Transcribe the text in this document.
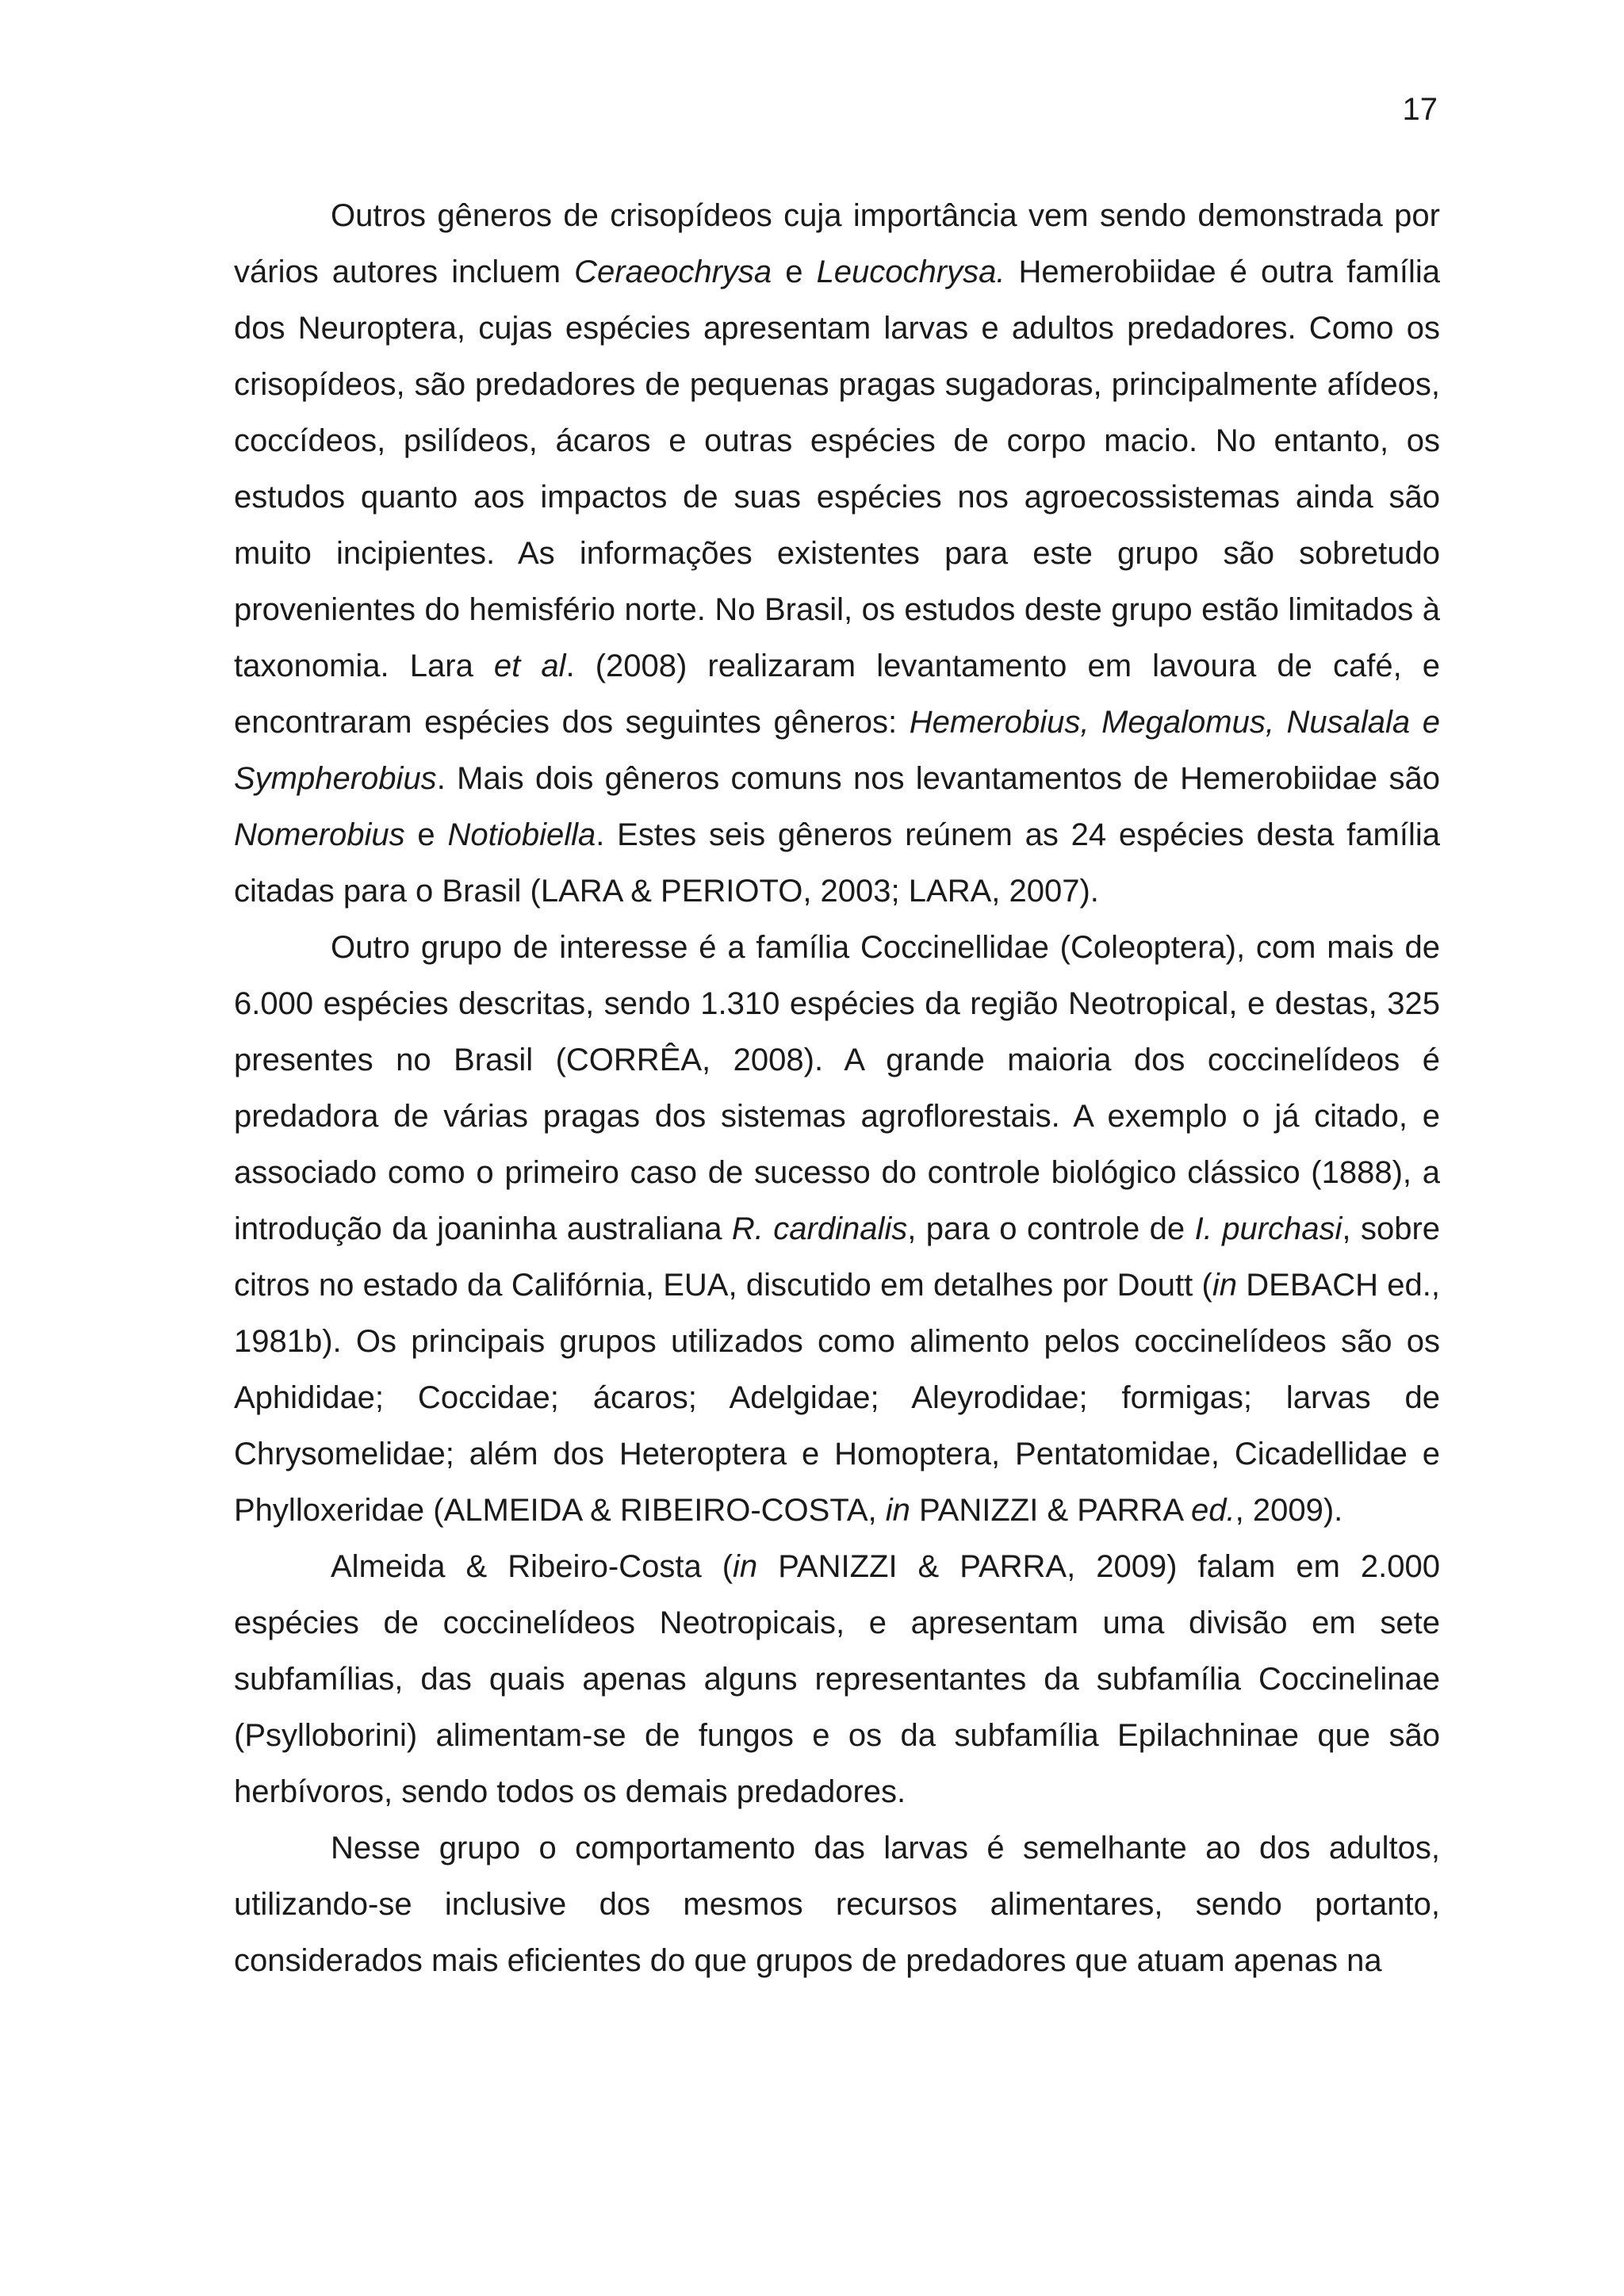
17

Outros gêneros de crisopídeos cuja importância vem sendo demonstrada por vários autores incluem Ceraeochrysa e Leucochrysa. Hemerobiidae é outra família dos Neuroptera, cujas espécies apresentam larvas e adultos predadores. Como os crisopídeos, são predadores de pequenas pragas sugadoras, principalmente afídeos, coccídeos, psilídeos, ácaros e outras espécies de corpo macio. No entanto, os estudos quanto aos impactos de suas espécies nos agroecossistemas ainda são muito incipientes. As informações existentes para este grupo são sobretudo provenientes do hemisfério norte. No Brasil, os estudos deste grupo estão limitados à taxonomia. Lara et al. (2008) realizaram levantamento em lavoura de café, e encontraram espécies dos seguintes gêneros: Hemerobius, Megalomus, Nusalala e Sympherobius. Mais dois gêneros comuns nos levantamentos de Hemerobiidae são Nomerobius e Notiobiella. Estes seis gêneros reúnem as 24 espécies desta família citadas para o Brasil (LARA & PERIOTO, 2003; LARA, 2007).

Outro grupo de interesse é a família Coccinellidae (Coleoptera), com mais de 6.000 espécies descritas, sendo 1.310 espécies da região Neotropical, e destas, 325 presentes no Brasil (CORRÊA, 2008). A grande maioria dos coccinelídeos é predadora de várias pragas dos sistemas agroflorestais. A exemplo o já citado, e associado como o primeiro caso de sucesso do controle biológico clássico (1888), a introdução da joaninha australiana R. cardinalis, para o controle de I. purchasi, sobre citros no estado da Califórnia, EUA, discutido em detalhes por Doutt (in DEBACH ed., 1981b). Os principais grupos utilizados como alimento pelos coccinelídeos são os Aphididae; Coccidae; ácaros; Adelgidae; Aleyrodidae; formigas; larvas de Chrysomelidae; além dos Heteroptera e Homoptera, Pentatomidae, Cicadellidae e Phylloxeridae (ALMEIDA & RIBEIRO-COSTA, in PANIZZI & PARRA ed., 2009).

Almeida & Ribeiro-Costa (in PANIZZI & PARRA, 2009) falam em 2.000 espécies de coccinelídeos Neotropicais, e apresentam uma divisão em sete subfamílias, das quais apenas alguns representantes da subfamília Coccinelinae (Psylloborini) alimentam-se de fungos e os da subfamília Epilachninae que são herbívoros, sendo todos os demais predadores.

Nesse grupo o comportamento das larvas é semelhante ao dos adultos, utilizando-se inclusive dos mesmos recursos alimentares, sendo portanto, considerados mais eficientes do que grupos de predadores que atuam apenas na
